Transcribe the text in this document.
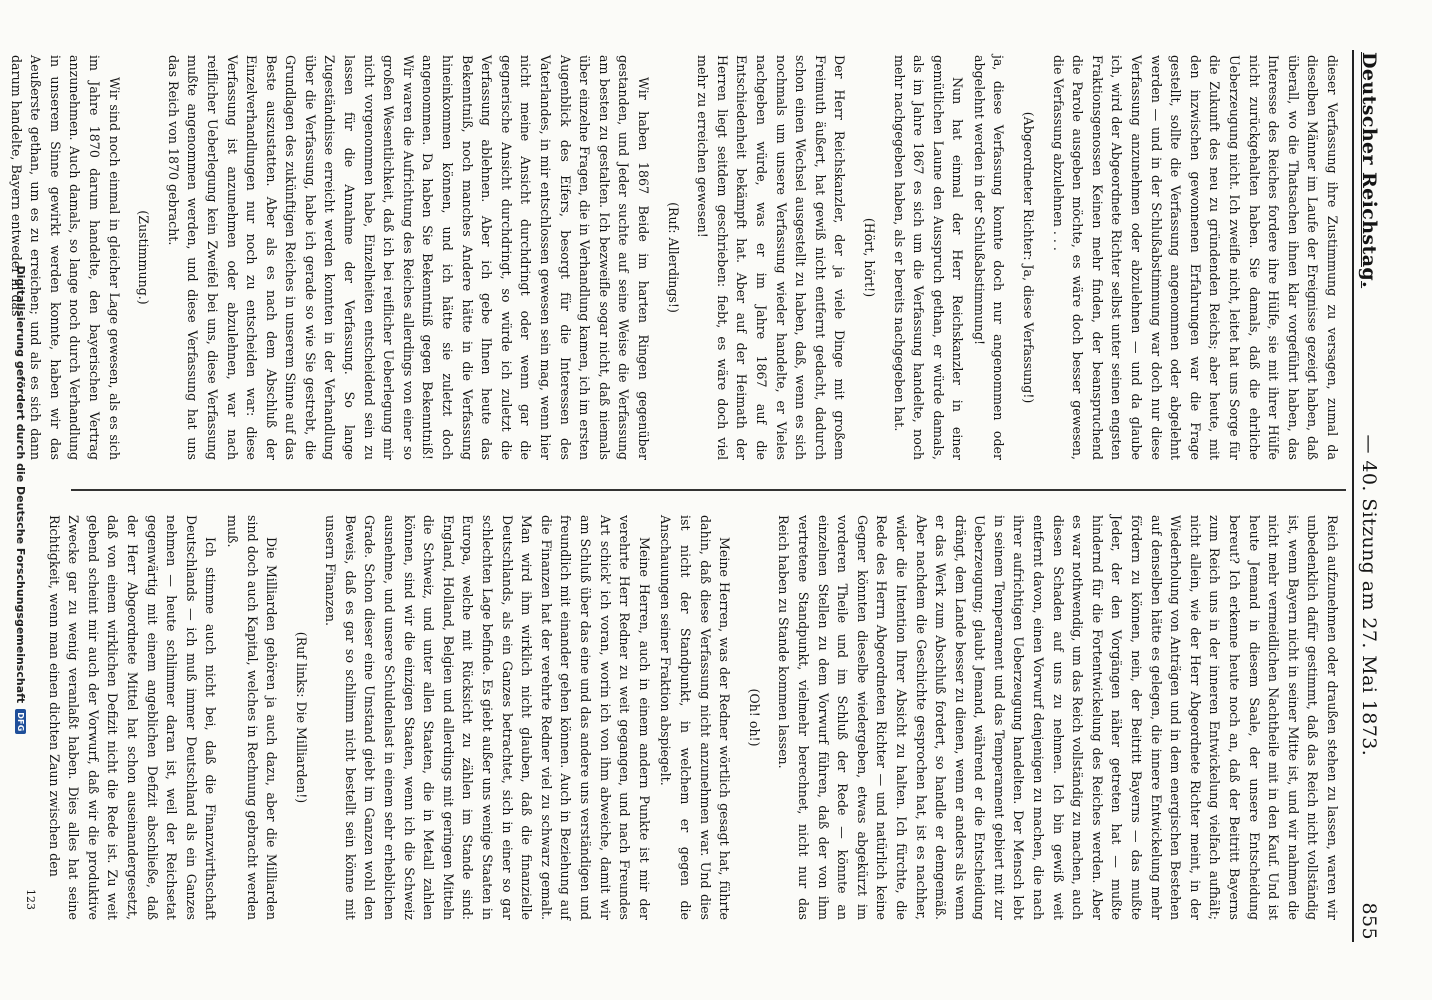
Deutscher Reichstag.
— 40. Sitzung am 27. Mai 1873.
855

dieser Verfassung ihre Zustimmung zu versagen, zumal da dieselben Männer im Laufe der Ereignisse gezeigt haben, daß überall, wo die Thatsachen ihnen klar vorgeführt haben, das Interesse des Reiches fordere ihre Hülfe, sie mit ihrer Hülfe nicht zurückgehalten haben. Sie damals, daß die ehrliche Ueberzeugung nicht. Ich zweifle nicht, leitet hat uns Sorge für die Zukunft des neu zu gründenden Reichs; aber heute, mit den inzwischen gewonnenen Erfahrungen war die Frage gestellt, sollte die Verfassung angenommen oder abgelehnt werden — und in der Schlußabstimmung war doch nur diese Verfassung anzunehmen oder abzulehnen — und da glaube ich, wird der Abgeordnete Richter selbst unter seinen engsten Fraktionsgenossen Keinen mehr finden, der beanspruchend die Parole ausgeben möchte, es wäre doch besser gewesen, die Verfassung abzulehnen . . .

(Abgeordneter Richter: Ja, diese Verfassung!)

ja, diese Verfassung konnte doch nur angenommen oder abgelehnt werden in der Schlußabstimmung!

Nun hat einmal der Herr Reichskanzler in einer gemütlichen Laune den Ausspruch gethan, er würde damals, als im Jahre 1867 es sich um die Verfassung handelte, noch mehr nachgegeben haben, als er bereits nachgegeben hat.

(Hört, hört!)

Der Herr Reichskanzler, der ja viele Dinge mit großem Freimuth äußert, hat gewiß nicht entfernt gedacht, dadurch schon einen Wechsel ausgestellt zu haben, daß, wenn es sich nochmals um unsere Verfassung wieder handelte, er Vieles nachgeben würde, was er im Jahre 1867 auf die Entschiedenheit bekämpft hat. Aber auf der Heimath der Herren liegt seitdem geschrieben: fiebt, es wäre doch viel mehr zu erreichen gewesen!

(Ruf: Allerdings!)

Wir haben 1867 Beide im harten Ringen gegenüber gestanden, und Jeder suchte auf seine Weise die Verfassung am besten zu gestalten. Ich bezweifle sogar nicht, daß niemals über einzelne Fragen, die in Verhandlung kamen, ich im ersten Augenblick des Eifers, besorgt für die Interessen des Vaterlandes, in mir entschlossen gewesen sein mag, wenn hier nicht meine Ansicht durchdringt oder wenn gar die gegnerische Ansicht durchdringt, so würde ich zuletzt die Verfassung ablehnen. Aber ich gebe Ihnen heute das Bekenntniß, noch manches Andere hätte in die Verfassung hineinkommen können, und ich hätte sie zuletzt doch angenommen. Da haben Sie Bekenntniß gegen Bekenntniß! Wir waren die Aufrichtung des Reiches allerdings von einer so großen Wesentlichkeit, daß ich bei reiflicher Ueberlegung mir nicht vorgenommen habe, Einzelheiten entscheidend sein zu lassen für die Annahme der Verfassung. So lange Zugeständnisse erreicht werden konnten in der Verhandlung über die Verfassung, habe ich gerade so wie Sie gestrebt, die Grundlagen des zukünftigen Reiches in unserem Sinne auf das Beste auszustatten. Aber als es nach dem Abschluß der Einzelverhandlungen nur noch zu entscheiden war: diese Verfassung ist anzunehmen oder abzulehnen, war nach reiflicher Ueberlegung kein Zweifel bei uns, diese Verfassung mußte angenommen werden, und diese Verfassung hat uns das Reich von 1870 gebracht.

(Zustimmung.)

Wir sind noch einmal in gleicher Lage gewesen, als es sich im Jahre 1870 darum handelte, den bayerischen Vertrag anzunehmen. Auch damals, so lange noch durch Verhandlung in unserem Sinne gewirkt werden konnte, haben wir das Aeußerste gethan, um es zu erreichen; und als es sich dann darum handelte, Bayern entweder in das

Reich aufzunehmen oder draußen stehen zu lassen, waren wir unbedenklich dafür gestimmt, daß das Reich nicht vollständig ist, wenn Bayern nicht in seiner Mitte ist, und wir nahmen die nicht mehr vermeidlichen Nachtheile mit in den Kauf. Und ist heute Jemand in diesem Saale, der unsere Entscheidung bereut? Ich erkenne heute noch an, daß der Beitritt Bayerns zum Reich uns in der inneren Entwickelung vielfach aufhält; nicht allein, wie der Herr Abgeordnete Richter meint, in der Wiederholung von Anträgen und in dem energischen Bestehen auf denselben hätte es gelegen, die innere Entwickelung mehr fördern zu können, nein, der Beitritt Bayerns — das mußte Jeder, der den Vorgängen näher getreten hat — mußte hindernd für die Fortentwickelung des Reiches werden. Aber es war nothwendig, um das Reich vollständig zu machen, auch diesen Schaden auf uns zu nehmen. Ich bin gewiß weit entfernt davon, einen Vorwurf denjenigen zu machen, die nach ihrer aufrichtigen Ueberzeugung handelten. Der Mensch lebt in seinem Temperament und das Temperament gebiert mit zur Ueberzeugung; glaubt Jemand, während er die Entscheidung drängt, dem Lande besser zu dienen, wenn er anders als wenn er das Werk zum Abschluß fordert, so handle er demgemäß. Aber nachdem die Geschichte gesprochen hat, ist es nachher, wider die Intention Ihrer Absicht zu halten. Ich fürchte, die Rede des Herrn Abgeordneten Richter — und natürlich keine Gegner könnten dieselbe wiedergeben, etwas abgekürzt im vorderen Theile und im Schluß der Rede — könnte an einzelnen Stellen zu dem Vorwurf führen, daß der von ihm vertretene Standpunkt, vielmehr berechnet, nicht nur das Reich haben zu Stande kommen lassen.

(Oh! oh!)

Meine Herren, was der Redner wörtlich gesagt hat, führte dahin, daß diese Verfassung nicht anzunehmen war. Und dies ist nicht der Standpunkt, in welchem er gegen die Anschauungen seiner Fraktion abspiegelt.

Meine Herren, auch in einem andern Punkte ist mir der verehrte Herr Redner zu weit gegangen, und nach Freundes Art schick' ich voran, worin ich von ihm abweiche, damit wir am Schluß über das eine und das andere uns verständigen und freundlich mit einander gehen können. Auch in Beziehung auf die Finanzen hat der verehrte Redner viel zu schwarz gemalt. Man wird ihm wirklich nicht glauben, daß die finanzielle Deutschlands, als ein Ganzes betrachtet, sich in einer so gar schlechten Lage befinde. Es giebt außer uns wenige Staaten in Europa, welche mit Rücksicht zu zählen im Stande sind: England, Holland, Belgien und allerdings mit geringen Mitteln die Schweiz, und unter allen Staaten, die in Metall zahlen können, sind wir die einzigen Staaten, wenn ich die Schweiz ausnehme, und unsere Schuldenlast in einem sehr erheblichen Grade. Schon dieser eine Umstand giebt im Ganzen wohl den Beweis, daß es gar so schlimm nicht bestellt sein könne mit unsern Finanzen.

(Ruf links: Die Milliarden!)

Die Milliarden gehören ja auch dazu, aber die Milliarden sind doch auch Kapital, welches in Rechnung gebracht werden muß.

Ich stimme auch nicht bei, daß die Finanzwirthschaft Deutschlands — ich muß immer Deutschland als ein Ganzes nehmen — heute schlimmer daran ist, weil der Reichsetat gegenwärtig mit einem angeblichen Defizit abschließe, daß der Herr Abgeordnete Mittel hat schon auseinandergesetzt, daß von einem wirklichen Defizit nicht die Rede ist. Zu weit gebend scheint mir auch der Vorwurf, daß wir die produktive Zwecke gar zu wenig veranlaßt haben. Dies alles hat seine Richtigkeit, wenn man einen dichten Zaun zwischen den

123
Digitalisierung gefördert durch die Deutsche Forschungsgemeinschaft
DFG
